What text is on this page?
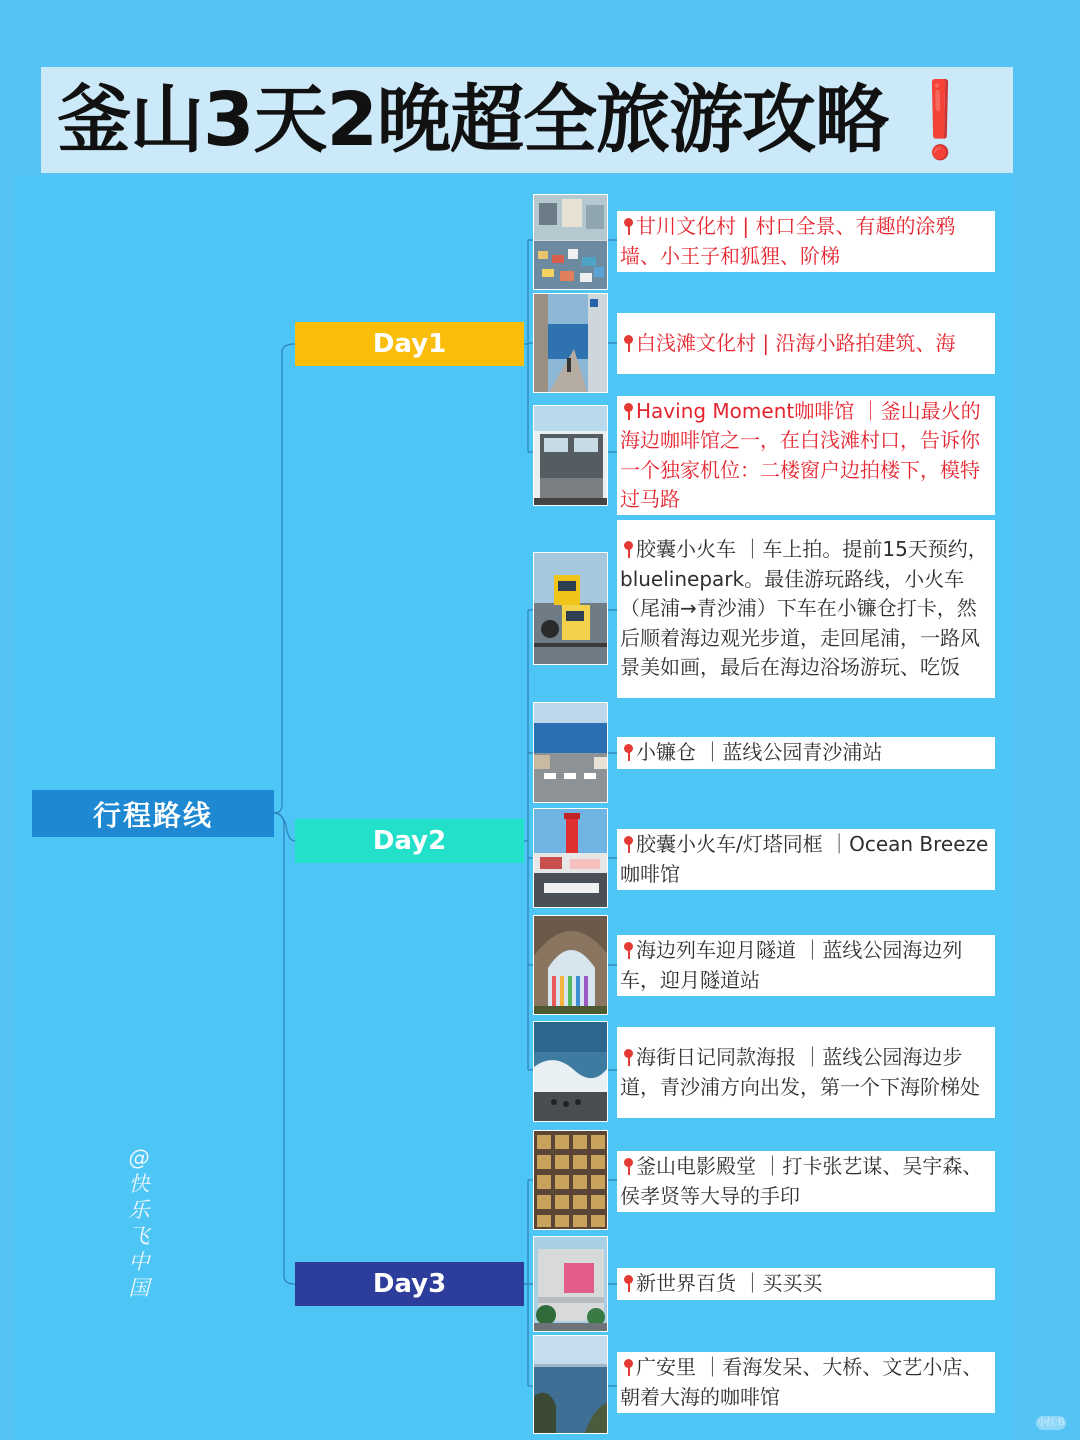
釜山3天2晚超全旅游攻略❗
行程路线
Day1
Day2
Day3
甘川文化村 | 村口全景、有趣的涂鸦墙、小王子和狐狸、阶梯
白浅滩文化村 | 沿海小路拍建筑、海
Having Moment咖啡馆 ｜釜山最火的海边咖啡馆之一，在白浅滩村口，告诉你一个独家机位：二楼窗户边拍楼下，模特过马路
胶囊小火车 ｜车上拍。提前15天预约，bluelinepark。最佳游玩路线，小火车（尾浦→青沙浦）下车在小镰仓打卡，然后顺着海边观光步道，走回尾浦，一路风景美如画，最后在海边浴场游玩、吃饭
小镰仓 ｜蓝线公园青沙浦站
胶囊小火车/灯塔同框 ｜Ocean Breeze咖啡馆
海边列车迎月隧道 ｜蓝线公园海边列车，迎月隧道站
海街日记同款海报 ｜蓝线公园海边步道，青沙浦方向出发，第一个下海阶梯处
釜山电影殿堂 ｜打卡张艺谋、吴宇森、侯孝贤等大导的手印
新世界百货 ｜买买买
广安里 ｜看海发呆、大桥、文艺小店、朝着大海的咖啡馆
@快乐飞中国
小红书
